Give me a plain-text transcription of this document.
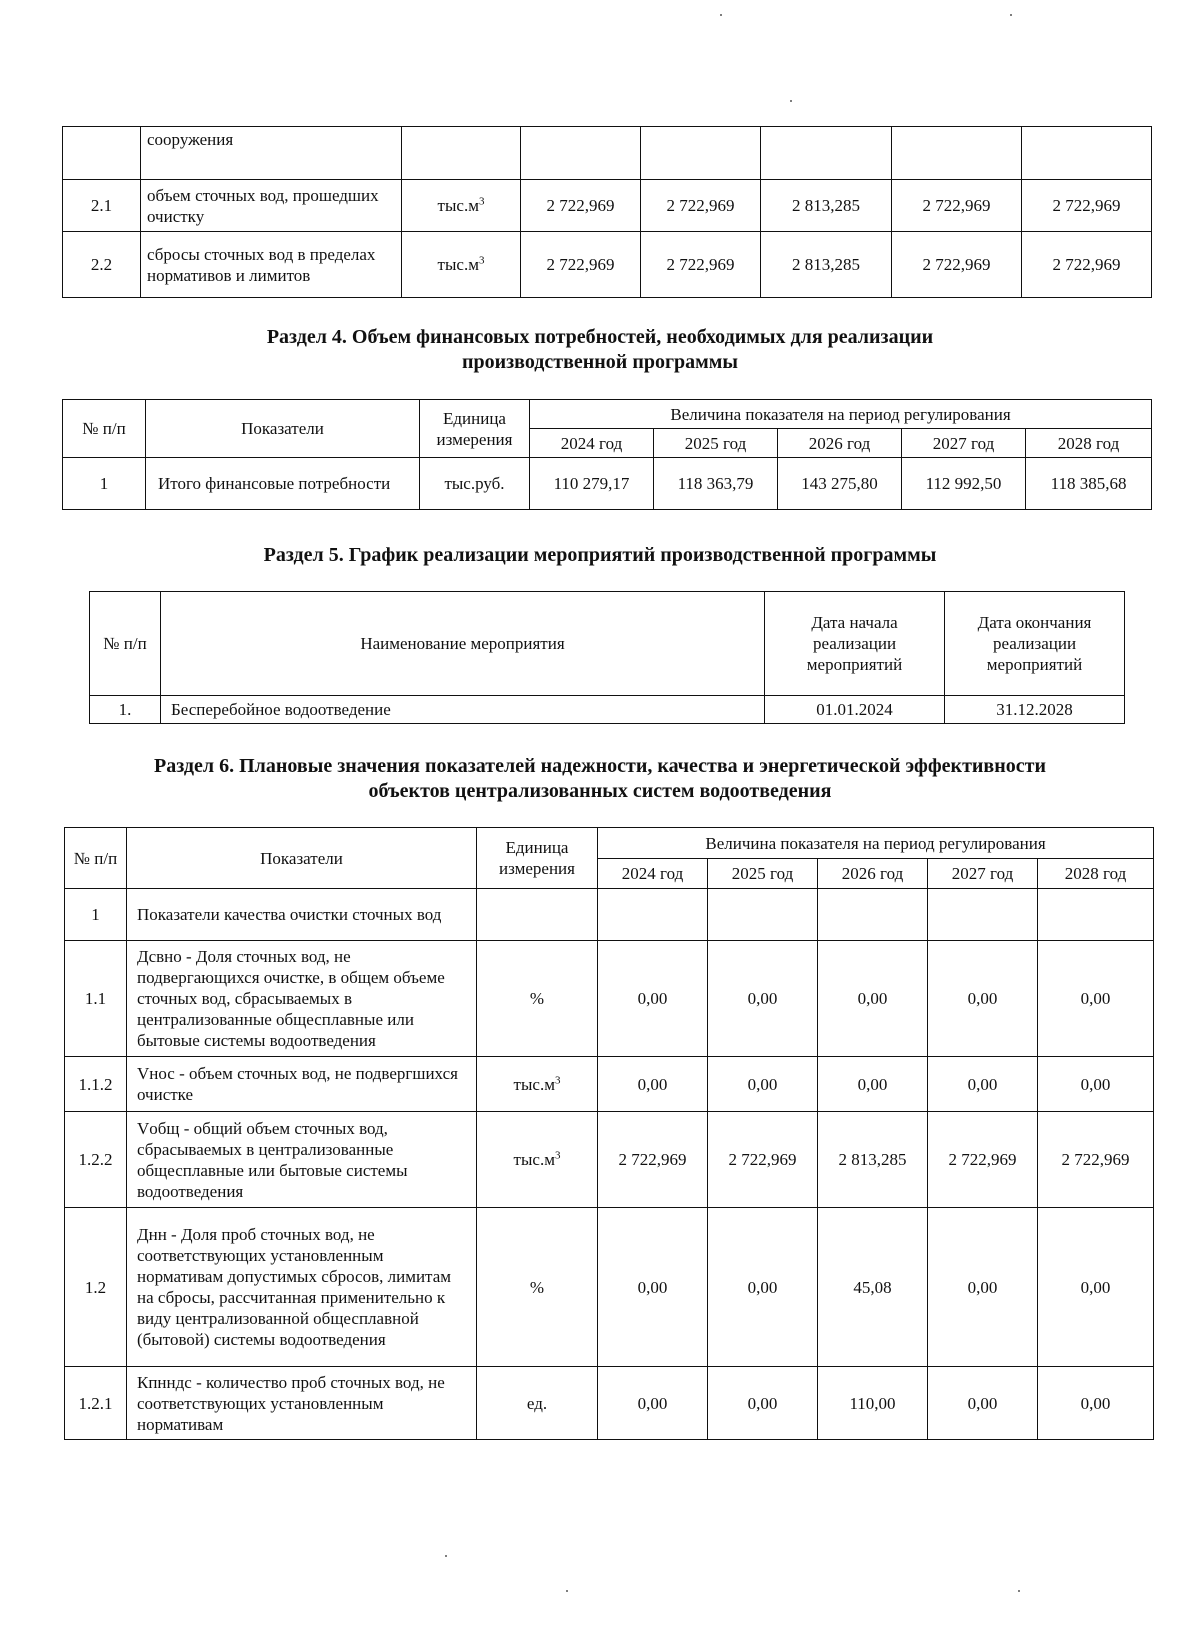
	сооружения						
2.1	объем сточных вод, прошедших очистку	$тыс.м^3$	2 722,969	2 722,969	2 813,285	2 722,969	2 722,969
2.2	сбросы сточных вод в пределах нормативов и лимитов	$тыс.м^3$	2 722,969	2 722,969	2 813,285	2 722,969	2 722,969
Раздел 4. Объем финансовых потребностей, необходимых для реализации
производственной программы
№ п/п	Показатели	Единица измерения	Величина показателя на период регулирования				
			2024 год	2025 год	2026 год	2027 год	2028 год
1	Итого финансовые потребности	тыс.руб.	110 279,17	118 363,79	143 275,80	112 992,50	118 385,68
Раздел 5. График реализации мероприятий производственной программы
№ п/п	Наименование мероприятия	Дата начала реализации мероприятий	Дата окончания реализации мероприятий
1.	Бесперебойное водоотведение	01.01.2024	31.12.2028
Раздел 6. Плановые значения показателей надежности, качества и энергетической эффективности
объектов централизованных систем водоотведения
№ п/п	Показатели	Единица измерения	Величина показателя на период регулирования				
			2024 год	2025 год	2026 год	2027 год	2028 год
1	Показатели качества очистки сточных вод						
1.1	Дсвно - Доля сточных вод, не подвергающихся очистке, в общем объеме сточных вод, сбрасываемых в централизованные общесплавные или бытовые системы водоотведения	%	0,00	0,00	0,00	0,00	0,00
1.1.2	Vнос - объем сточных вод, не подвергшихся очистке	$тыс.м^3$	0,00	0,00	0,00	0,00	0,00
1.2.2	Vобщ - общий объем сточных вод, сбрасываемых в централизованные общесплавные или бытовые системы водоотведения	$тыс.м^3$	2 722,969	2 722,969	2 813,285	2 722,969	2 722,969
1.2	Днн - Доля проб сточных вод, не соответствующих установленным нормативам допустимых сбросов, лимитам на сбросы, рассчитанная применительно к виду централизованной общесплавной (бытовой) системы водоотведения	%	0,00	0,00	45,08	0,00	0,00
1.2.1	Кпнндс - количество проб сточных вод, не соответствующих установленным нормативам	ед.	0,00	0,00	110,00	0,00	0,00
